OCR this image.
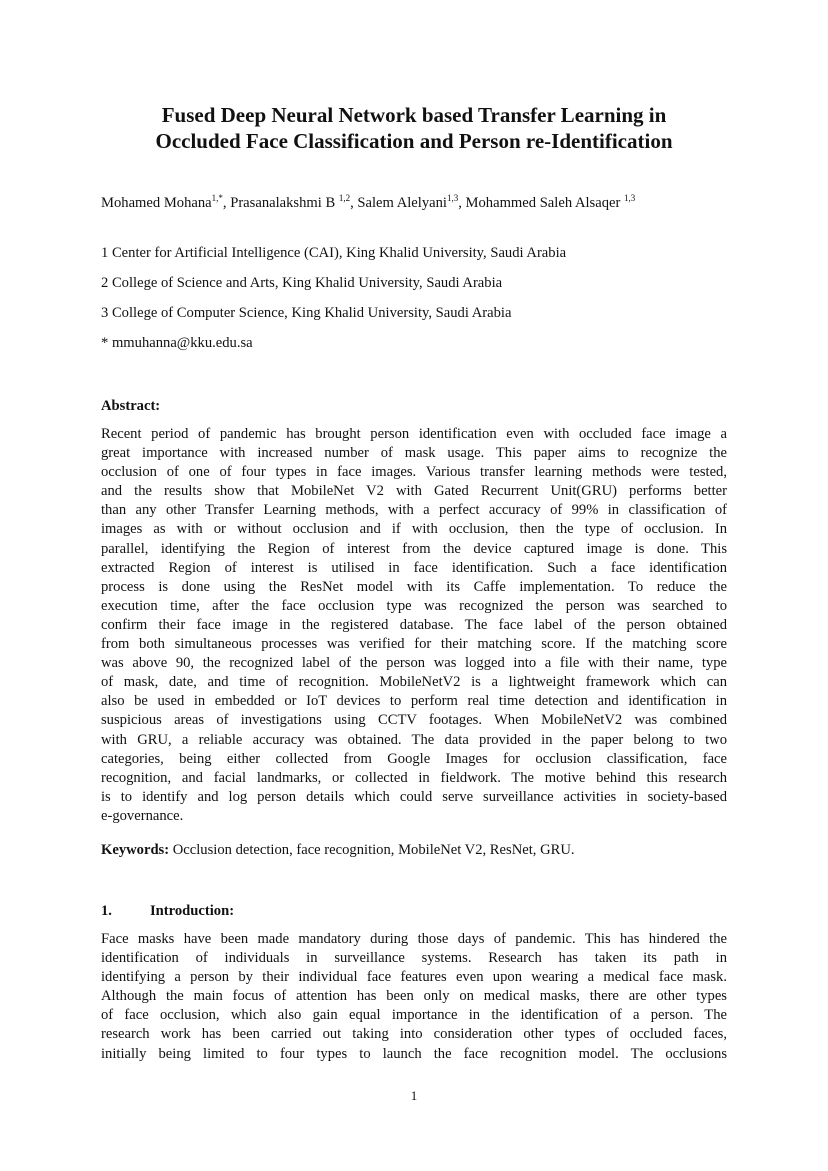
Fused Deep Neural Network based Transfer Learning in
Occluded Face Classification and Person re-Identification
Mohamed Mohana$^{1,*}$, Prasanalakshmi B $^{1,2}$, Salem Alelyani$^{1,3}$, Mohammed Saleh Alsaqer $^{1,3}$
1 Center for Artificial Intelligence (CAI), King Khalid University, Saudi Arabia
2 College of Science and Arts, King Khalid University, Saudi Arabia
3 College of Computer Science, King Khalid University, Saudi Arabia
* mmuhanna@kku.edu.sa
Abstract:
Recent period of pandemic has brought person identification even with occluded face image a
great importance with increased number of mask usage. This paper aims to recognize the
occlusion of one of four types in face images. Various transfer learning methods were tested,
and the results show that MobileNet V2 with Gated Recurrent Unit(GRU) performs better
than any other Transfer Learning methods, with a perfect accuracy of 99% in classification of
images as with or without occlusion and if with occlusion, then the type of occlusion. In
parallel, identifying the Region of interest from the device captured image is done. This
extracted Region of interest is utilised in face identification. Such a face identification
process is done using the ResNet model with its Caffe implementation. To reduce the
execution time, after the face occlusion type was recognized the person was searched to
confirm their face image in the registered database. The face label of the person obtained
from both simultaneous processes was verified for their matching score. If the matching score
was above 90, the recognized label of the person was logged into a file with their name, type
of mask, date, and time of recognition. MobileNetV2 is a lightweight framework which can
also be used in embedded or IoT devices to perform real time detection and identification in
suspicious areas of investigations using CCTV footages. When MobileNetV2 was combined
with GRU, a reliable accuracy was obtained. The data provided in the paper belong to two
categories, being either collected from Google Images for occlusion classification, face
recognition, and facial landmarks, or collected in fieldwork. The motive behind this research
is to identify and log person details which could serve surveillance activities in society-based
e-governance.
Keywords: Occlusion detection, face recognition, MobileNet V2, ResNet, GRU.
1.	Introduction:
Face masks have been made mandatory during those days of pandemic. This has hindered the
identification of individuals in surveillance systems. Research has taken its path in
identifying a person by their individual face features even upon wearing a medical face mask.
Although the main focus of attention has been only on medical masks, there are other types
of face occlusion, which also gain equal importance in the identification of a person. The
research work has been carried out taking into consideration other types of occluded faces,
initially being limited to four types to launch the face recognition model. The occlusions
1
